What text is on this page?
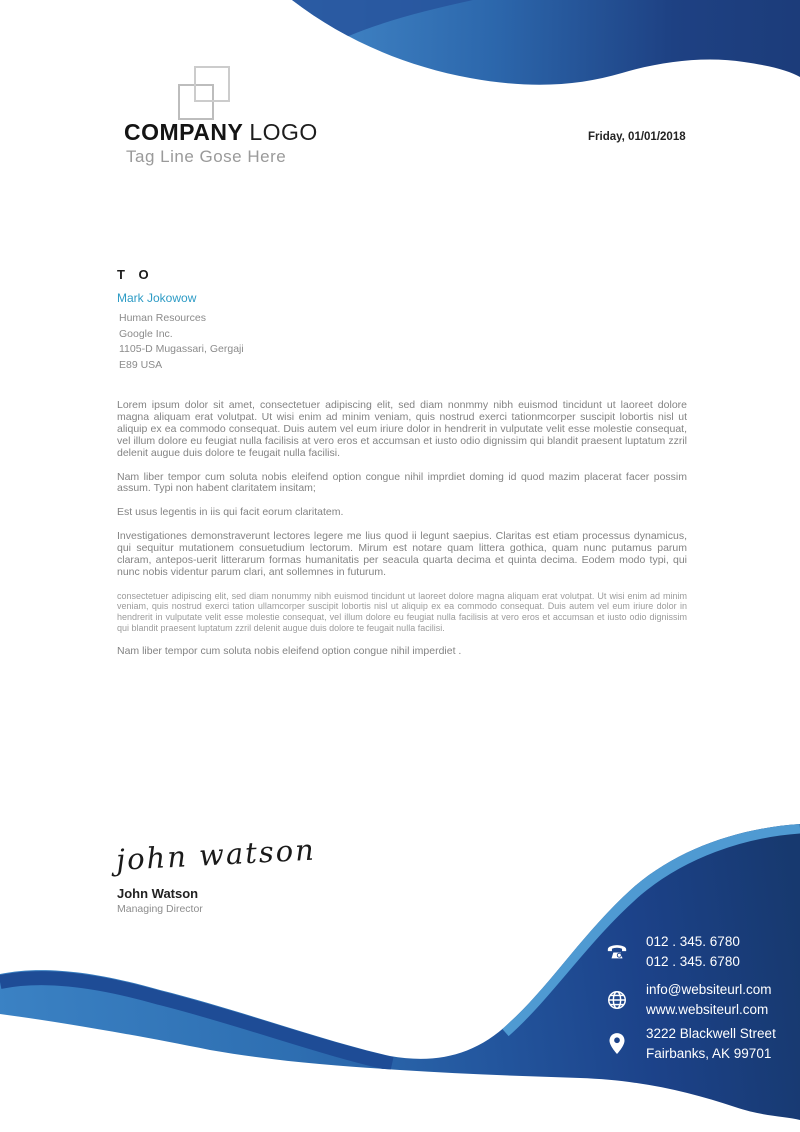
COMPANY LOGO
Tag Line Gose Here
Friday, 01/01/2018
T O
Mark Jokowow
Human Resources
Google Inc.
1105-D Mugassari, Gergaji
E89 USA

Lorem ipsum dolor sit amet, consectetuer adipiscing elit, sed diam nonmmy nibh euismod tincidunt ut laoreet dolore magna aliquam erat volutpat. Ut wisi enim ad minim veniam, quis nostrud exerci tationmcorper suscipit lobortis nisl ut aliquip ex ea commodo consequat. Duis autem vel eum iriure dolor in hendrerit in vulputate velit esse molestie consequat, vel illum dolore eu feugiat nulla facilisis at vero eros et accumsan et iusto odio dignissim qui blandit praesent luptatum zzril delenit augue duis dolore te feugait nulla facilisi.

Nam liber tempor cum soluta nobis eleifend option congue nihil imprdiet doming id quod mazim placerat facer possim assum. Typi non habent claritatem insitam;

Est usus legentis in iis qui facit eorum claritatem.

Investigationes demonstraverunt lectores legere me lius quod ii legunt saepius. Claritas est etiam processus dynamicus, qui sequitur mutationem consuetudium lectorum. Mirum est notare quam littera gothica, quam nunc putamus parum claram, antepos-uerit litterarum formas humanitatis per seacula quarta decima et quinta decima. Eodem modo typi, qui nunc nobis videntur parum clari, ant sollemnes in futurum.

consectetuer adipiscing elit, sed diam nonummy nibh euismod tincidunt ut laoreet dolore magna aliquam erat volutpat. Ut wisi enim ad minim veniam, quis nostrud exerci tation ullamcorper suscipit lobortis nisl ut aliquip ex ea commodo consequat. Duis autem vel eum iriure dolor in hendrerit in vulputate velit esse molestie consequat, vel illum dolore eu feugiat nulla facilisis at vero eros et accumsan et iusto odio dignissim qui blandit praesent luptatum zzril delenit augue duis dolore te feugait nulla facilisi.

Nam liber tempor cum soluta nobis eleifend option congue nihil imperdiet .

john watson
John Watson
Managing Director
012 . 345. 6780
012 . 345. 6780
info@websiteurl.com
www.websiteurl.com
3222 Blackwell Street
Fairbanks, AK 99701
